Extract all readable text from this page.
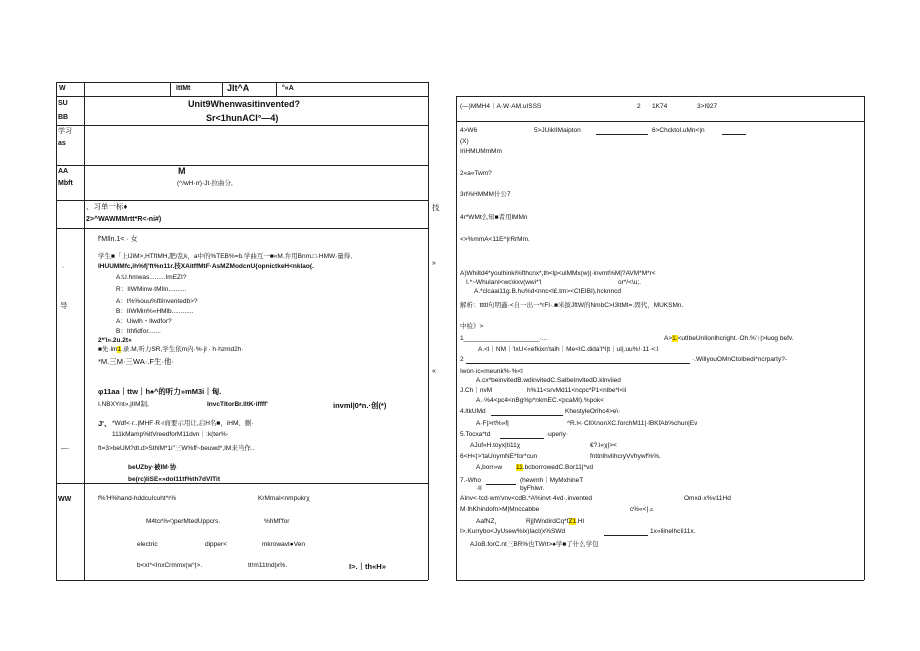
W	ItIMt	JIt^A	°«A
SU
BB
Unit9Whenwasitinvented?
Sr<1hunACI°—4)
学习
as
AA
Mbft
M
(^/wH·rr)·Jt·拉曲分,
、习单一标♦
2>^WAWMMrtt*R<-ni#)
技
f'MIln.1< · 女
·
学生■「上lJiM>,HTfIMH,肥/乱k，a中的%TEB%=b.学曲互一■«M.弁用Bnm.□·HMW·量得,
IHUUMMfc,ih%fj'ft%n11r.技XAitffMtF·AsMZModcnU{opnictkeH<nklao(.
A:U.hmwas.........ImEZI?
R：IIWMinw·tMIln..........
导	A：t%%ouu%ftlinventedb>?
B：IIWMin%«HMlb............
A：Uiwlh・llwdfor?
B：Ithfidfor.......
2*'l».2u.2t»
■先·lm1.录.M,听力SR,学生依m内·%·jl · h·hzmd2h·
*M.三M·三WA·.F生·他·
φ11aa｜ttw｜h♠^的听力»mM3i｜匈.
I.NBXYnt»,|lIM制,	InvcTItorBr.lltK·iffff'	invml|0*n.·创(*)
J'、 *Wdf<·r..|MHF·R·r商要示用让,启H名■，iHM、删·
111kMamp%ltVreedforM11dvn｜:k(ter%·
—·	ft=3>beUM?dt.d>SthlM*1i"三W%ff~beuwd*,IM来当作..
beUZby·被IM·协
be(rc)liSE«»doI11tf%th7dVITit
WW	f%'H%hand-hddcuIcuht*r%	KrMmaI<nmpukrχ
M4tcr%<)perMtedUppcrs.	%hMf'for
electric	dipper<	mkrowavt●Ven
b<xI*<InxCrmmx(w°|>.	tt!m11tnd|x%.	I>.｜th«H»
»
«
(—)MMH4｜A·W·AM.uISSS	2 1K74	3>I927
4>W6	5>JUikIIMaipton	6>Chcktol.uMn<|n
(X)
IriHMUMmMm
2«a«Twm?
3rl%HMMM什公7
4r*WMt么知■者用lMMn
<>%mmA<11E^|rRrMm.
A)Whiltd4*youlhinki%fthcnx*,th<lp<ulMMx(w)|·invmt%M|?AVM*M*r<
I.*~WhulanI<wc\kxv(wwi*'l	or*/<\u;.
A.*clcaai11g.B.hu%d<nnc<l£.tm><CIEIBI),hcknncd
解析：ttttl句明鑫·<自一出一*rFI·.■米拔JftW的NmbC>I3ltMt=.固代，MUKSMn.
中检》>
1_____________________·...	A>1.<utIbeUnIlonlhcright.·Oh.%'↑|>luog befv.
A.<l｜NM｜'IxU<«efkixn'talh｜Me<IC.dida'l*I|t｜uI|.uu%!·11·<:I
2	·.WillyouOMnCtoIbedi*ncrparty?-
Iwon·ic«meunk%·%<l
A.cx*beinvitedB.wdinvitedC.SalbeInvltedD.klnviied
J.Ch｜nvM	h%11<srvMd11<ncpc*P1<nlbe*l<il
A.·%4<pc4<nBg%p*nkmEC.<pcaMI).%pok<
4.ltkUMd	KhestyleOrlhc4>e\·
A·F|>rt%»f|	^R.l<·ClIXnonXC.forchM11|·lBKfAb%chun|Ev
5.Tocxa*td	·uperly·
AJuf«H.toyx|ti11χ	€?.l«χ|><
6<H<|>'taUnymNE*for*cun	fnttnlhvlihcryVvfrywf%%.
A,borr»w 11.bcborrowedC.Bor11|*vd
7.-Who	(hewmh｜MyMxhineT
·II	byFhlwr.
AInv<·tcd·wm'vnv<cdB.*A%invt·4vd·.invented	Omxd·x%v11Hd
M·lhKhindofn>M|Mnccabbe	c%«<|ェ
AafNZ，	Rj|lWndirdCq*fZ1.Hl
I>.Kurrybo<JyUsew%lx)IacI(x%SWd	1x«lilnelhcIi11x.
AJoB.forC.nt三BR%也TWrt>♠学■了什么学包
